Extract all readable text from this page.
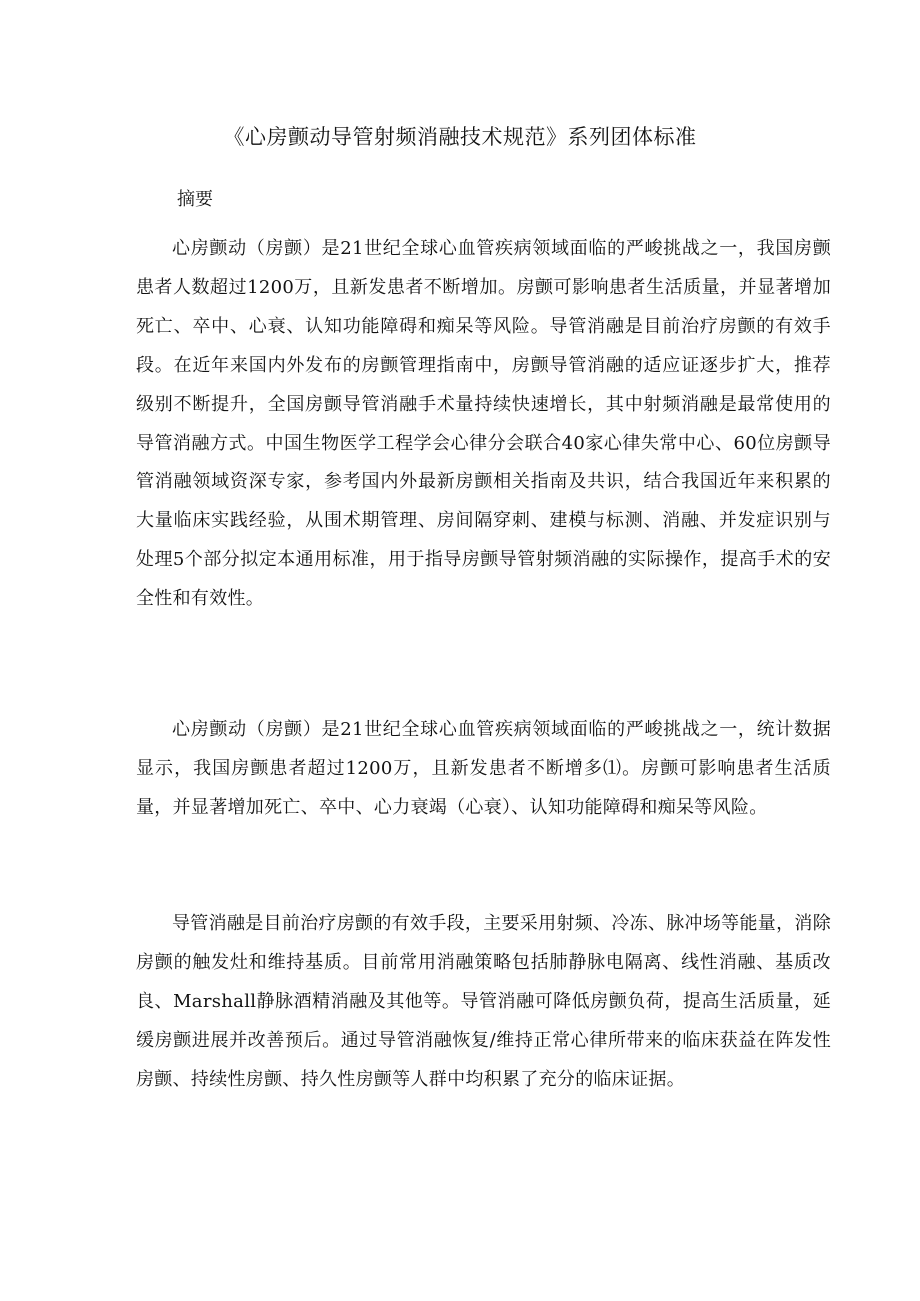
《心房颤动导管射频消融技术规范》系列团体标准
摘要

心房颤动（房颤）是21世纪全球心血管疾病领域面临的严峻挑战之一，我国房颤患者人数超过1200万，且新发患者不断增加。房颤可影响患者生活质量，并显著增加死亡、卒中、心衰、认知功能障碍和痴呆等风险。导管消融是目前治疗房颤的有效手段。在近年来国内外发布的房颤管理指南中，房颤导管消融的适应证逐步扩大，推荐级别不断提升，全国房颤导管消融手术量持续快速增长，其中射频消融是最常使用的导管消融方式。中国生物医学工程学会心律分会联合40家心律失常中心、60位房颤导管消融领域资深专家，参考国内外最新房颤相关指南及共识，结合我国近年来积累的大量临床实践经验，从围术期管理、房间隔穿刺、建模与标测、消融、并发症识别与处理5个部分拟定本通用标准，用于指导房颤导管射频消融的实际操作，提高手术的安全性和有效性。

心房颤动（房颤）是21世纪全球心血管疾病领域面临的严峻挑战之一，统计数据显示，我国房颤患者超过1200万，且新发患者不断增多⑴。房颤可影响患者生活质量，并显著增加死亡、卒中、心力衰竭（心衰）、认知功能障碍和痴呆等风险。

导管消融是目前治疗房颤的有效手段，主要采用射频、冷冻、脉冲场等能量，消除房颤的触发灶和维持基质。目前常用消融策略包括肺静脉电隔离、线性消融、基质改良、Marshall静脉酒精消融及其他等。导管消融可降低房颤负荷，提高生活质量，延缓房颤进展并改善预后。通过导管消融恢复/维持正常心律所带来的临床获益在阵发性房颤、持续性房颤、持久性房颤等人群中均积累了充分的临床证据。
